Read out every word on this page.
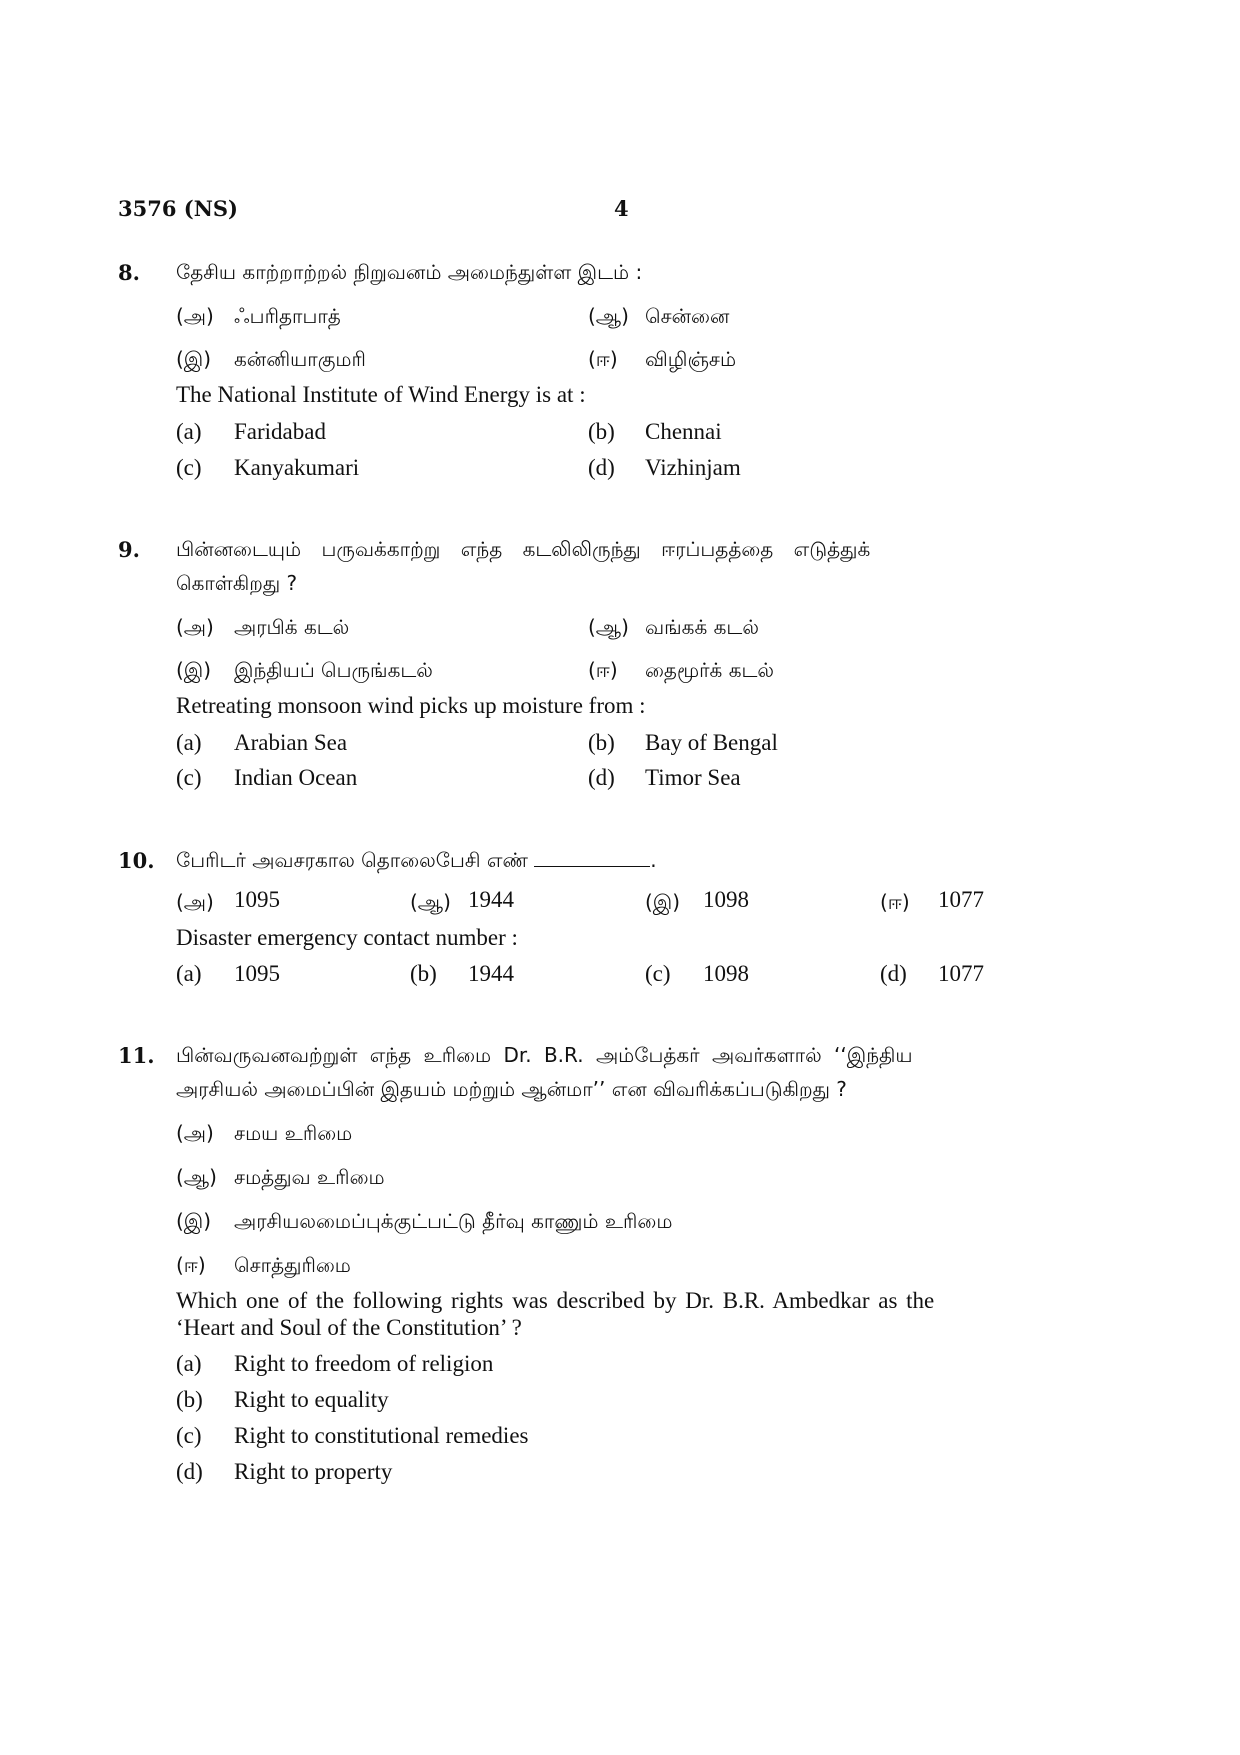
3576 (NS)	4
8. தேசிய காற்றாற்றல் நிறுவனம் அமைந்துள்ள இடம் :
(அ) ஃபரிதாபாத்	(ஆ) சென்னை
(இ) கன்னியாகுமரி	(ஈ) விழிஞ்சம்
The National Institute of Wind Energy is at :
(a) Faridabad	(b) Chennai
(c) Kanyakumari	(d) Vizhinjam
9. பின்னடையும் பருவக்காற்று எந்த கடலிலிருந்து ஈரப்பதத்தை எடுத்துக்
கொள்கிறது ?
(அ) அரபிக் கடல்	(ஆ) வங்கக் கடல்
(இ) இந்தியப் பெருங்கடல்	(ஈ) தைமூர்க் கடல்
Retreating monsoon wind picks up moisture from :
(a) Arabian Sea	(b) Bay of Bengal
(c) Indian Ocean	(d) Timor Sea
10. பேரிடர் அவசரகால தொலைபேசி எண்	.
(அ) 1095	(ஆ) 1944	(இ) 1098	(ஈ) 1077
Disaster emergency contact number :
(a) 1095	(b) 1944	(c) 1098	(d) 1077
11. பின்வருவனவற்றுள் எந்த உரிமை Dr. B.R. அம்பேத்கர் அவர்களால் ‘‘இந்திய
அரசியல் அமைப்பின் இதயம் மற்றும் ஆன்மா’’ என விவரிக்கப்படுகிறது ?
(அ) சமய உரிமை
(ஆ) சமத்துவ உரிமை
(இ) அரசியலமைப்புக்குட்பட்டு தீர்வு காணும் உரிமை
(ஈ) சொத்துரிமை
Which one of the following rights was described by Dr. B.R. Ambedkar as the
‘Heart and Soul of the Constitution’ ?
(a) Right to freedom of religion
(b) Right to equality
(c) Right to constitutional remedies
(d) Right to property
